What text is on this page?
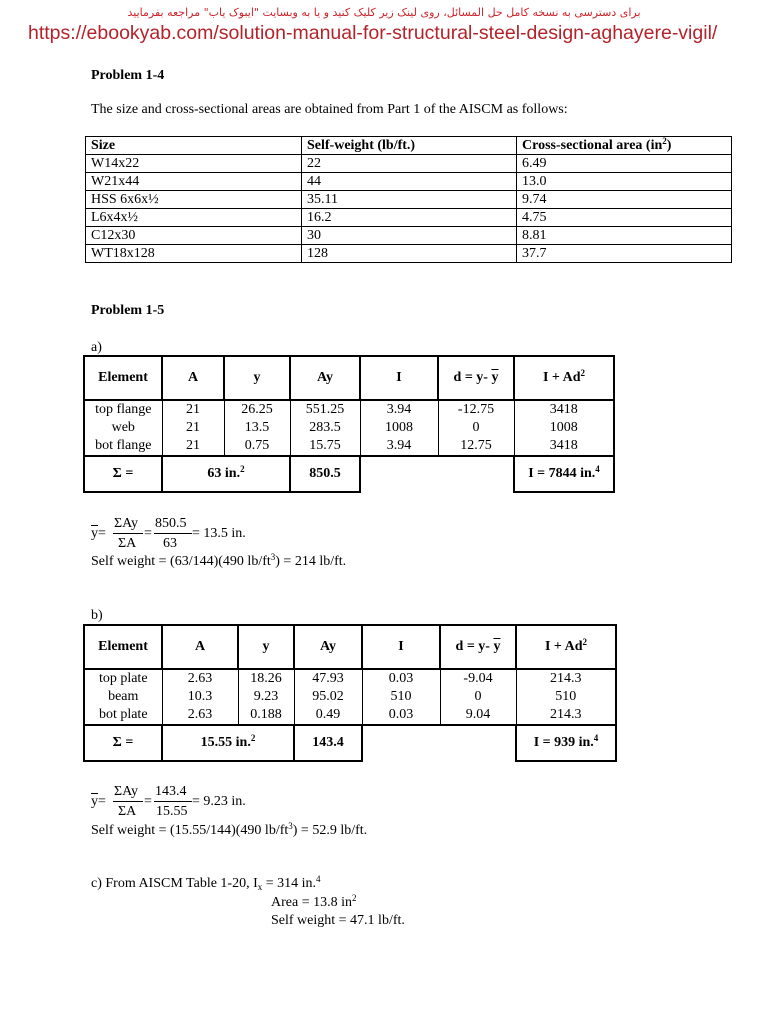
برای دسترسی به نسخه کامل حل المسائل، روی لینک زیر کلیک کنید و یا به وبسایت "ایبوک یاب" مراجعه بفرمایید
https://ebookyab.com/solution-manual-for-structural-steel-design-aghayere-vigil/
Problem 1-4
The size and cross-sectional areas are obtained from Part 1 of the AISCM as follows:
Size	Self-weight (lb/ft.)	Cross-sectional area $(in^2)$
W14x22	22	6.49
W21x44	44	13.0
HSS 6x6x½	35.11	9.74
L6x4x½	16.2	4.75
C12x30	30	8.81
WT18x128	128	37.7
Problem 1-5
a)
Element	A	y	Ay	I	d = y- $\overline{y}$	$I + Ad^2$
top flange	21	26.25	551.25	3.94	-12.75	3418
web	21	13.5	283.5	1008	0	1008
bot flange	21	0.75	15.75	3.94	12.75	3418
Σ =	63 in.$^2$		850.5			I = 7844 in.$^4$
$\overline{y}=$
ΣAy
ΣA
=
850.5
63
= 13.5 in.
Self weight = (63/144)(490 $lb/ft^3) = 214$ lb/ft.
b)
Element	A	y	Ay	I	d = y- $\overline{y}$	$I + Ad^2$
top plate	2.63	18.26	47.93	0.03	-9.04	214.3
beam	10.3	9.23	95.02	510	0	510
bot plate	2.63	0.188	0.49	0.03	9.04	214.3
Σ =	15.55 in.$^2$		143.4			I = 939 in.$^4$
$\overline{y}=$
ΣAy
ΣA
=
143.4
15.55
= 9.23 in.
Self weight = (15.55/144)(490 $lb/ft^3) = 52.9$ lb/ft.
c) From AISCM Table 1-20, $I_x = 314$ in.$^4$
Area = 13.8 $in^2$
Self weight = 47.1 lb/ft.
